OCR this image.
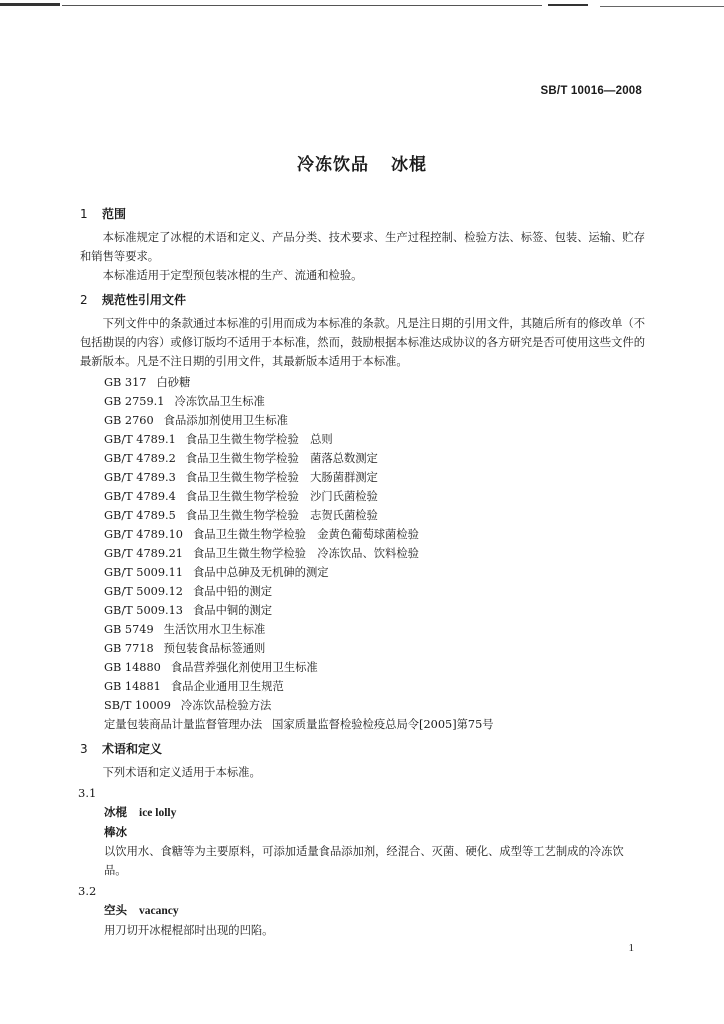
SB/T 10016—2008
冷冻饮品 冰棍
1 范围

本标准规定了冰棍的术语和定义、产品分类、技术要求、生产过程控制、检验方法、标签、包装、运输、贮存和销售等要求。

本标准适用于定型预包装冰棍的生产、流通和检验。

2 规范性引用文件

下列文件中的条款通过本标准的引用而成为本标准的条款。凡是注日期的引用文件，其随后所有的修改单（不包括勘误的内容）或修订版均不适用于本标准，然而，鼓励根据本标准达成协议的各方研究是否可使用这些文件的最新版本。凡是不注日期的引用文件，其最新版本适用于本标准。

GB 317 白砂糖
GB 2759.1 冷冻饮品卫生标准
GB 2760 食品添加剂使用卫生标准
GB/T 4789.1 食品卫生微生物学检验　总则
GB/T 4789.2 食品卫生微生物学检验　菌落总数测定
GB/T 4789.3 食品卫生微生物学检验　大肠菌群测定
GB/T 4789.4 食品卫生微生物学检验　沙门氏菌检验
GB/T 4789.5 食品卫生微生物学检验　志贺氏菌检验
GB/T 4789.10 食品卫生微生物学检验　金黄色葡萄球菌检验
GB/T 4789.21 食品卫生微生物学检验　冷冻饮品、饮料检验
GB/T 5009.11 食品中总砷及无机砷的测定
GB/T 5009.12 食品中铅的测定
GB/T 5009.13 食品中铜的测定
GB 5749 生活饮用水卫生标准
GB 7718 预包装食品标签通则
GB 14880 食品营养强化剂使用卫生标准
GB 14881 食品企业通用卫生规范
SB/T 10009 冷冻饮品检验方法
定量包装商品计量监督管理办法 国家质量监督检验检疫总局令[2005]第75号
3 术语和定义

下列术语和定义适用于本标准。

3.1
冰棍 ice lolly
棒冰
以饮用水、食糖等为主要原料，可添加适量食品添加剂，经混合、灭菌、硬化、成型等工艺制成的冷冻饮品。
3.2
空头 vacancy
用刀切开冰棍棍部时出现的凹陷。
1
